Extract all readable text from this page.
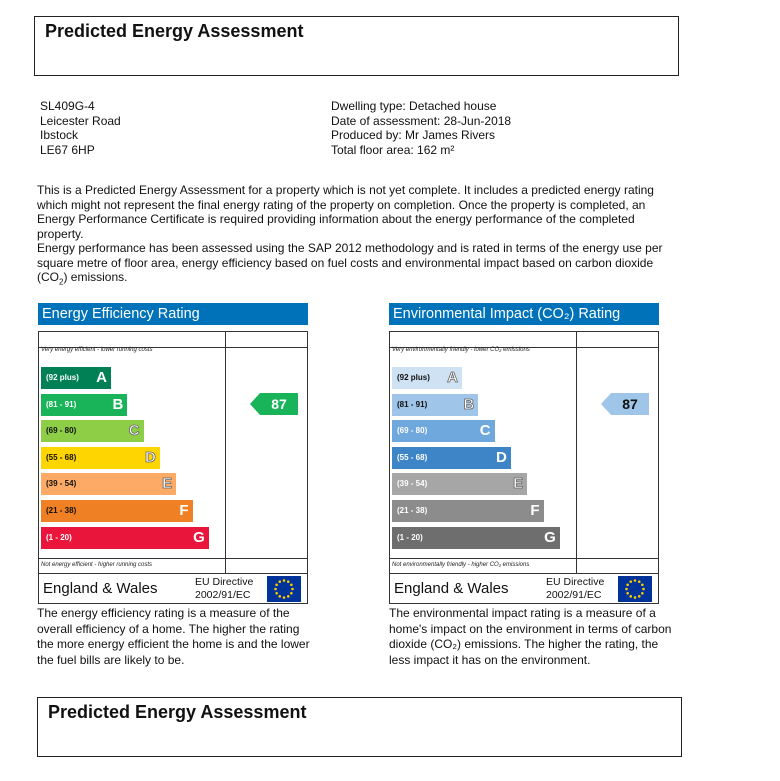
Predicted Energy Assessment
SL409G-4
Leicester Road
Ibstock
LE67 6HP
Dwelling type: Detached house
Date of assessment: 28-Jun-2018
Produced by: Mr James Rivers
Total floor area: 162 m²
This is a Predicted Energy Assessment for a property which is not yet complete. It includes a predicted energy rating which might not represent the final energy rating of the property on completion. Once the property is completed, an Energy Performance Certificate is required providing information about the energy performance of the completed property.
Energy performance has been assessed using the SAP 2012 methodology and is rated in terms of the energy use per square metre of floor area, energy efficiency based on fuel costs and environmental impact based on carbon dioxide $(CO_2)$ emissions.
Energy Efficiency Rating
Very energy efficient - lower running costs
(92 plus) A
(81 - 91) B
(69 - 80)	C
(55 - 68)	D
(39 - 54)	E
(21 - 38)	F
(1 - 20)	G
Not energy efficient - higher running costs
87
England & Wales	EU Directive
2002/91/EC
Environmental Impact (CO₂) Rating
Very environmentally friendly - lower CO₂ emissions
(92 plus) A
(81 - 91) B
(69 - 80)	C
(55 - 68)	D
(39 - 54)	E
(21 - 38)	F
(1 - 20)	G
Not environmentally friendly - higher CO₂ emissions
87
England & Wales	EU Directive
2002/91/EC
The energy efficiency rating is a measure of the overall efficiency of a home. The higher the rating the more energy efficient the home is and the lower the fuel bills are likely to be.
The environmental impact rating is a measure of a home's impact on the environment in terms of carbon dioxide (CO₂) emissions. The higher the rating, the less impact it has on the environment.
Predicted Energy Assessment
